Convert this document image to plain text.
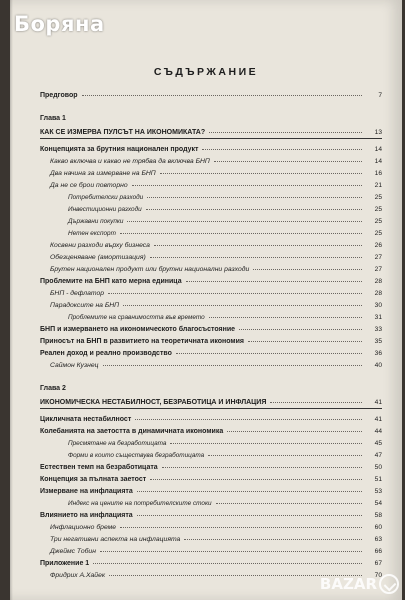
СЪДЪРЖАНИЕ
Предговор	7
Глава 1
КАК СЕ ИЗМЕРВА ПУЛСЪТ НА ИКОНОМИКАТА?	13
Концепцията за брутния национален продукт	14
Какво включва и какво не трябва да включва БНП	14
Два начина за измерване на БНП	16
Да не се брои повторно	21
Потребителски разходи	25
Инвестиционни разходи	25
Държавни покупки	25
Нетен експорт	25
Косвени разходи върху бизнеса	26
Обезценяване (амортизация)	27
Брутен национален продукт или брутни национални разходи	27
Проблемите на БНП като мерна единица	28
БНП - дефлатор	28
Парадоксите на БНП	30
Проблемите на сравнимостта във времето	31
БНП и измерването на икономическото благосъстояние	33
Приносът на БНП в развитието на теоретичната икономия	35
Реален доход и реално производство	36
Саймон Кузнец	40
Глава 2
ИКОНОМИЧЕСКА НЕСТАБИЛНОСТ, БЕЗРАБОТИЦА И ИНФЛАЦИЯ	41
Цикличната нестабилност	41
Колебанията на заетостта в динамичната икономика	44
Пресмятане на безработицата	45
Форми в които съществува безработицата	47
Естествен темп на безработицата	50
Концепция за пълната заетост	51
Измерване на инфлацията	53
Индекс на цените на потребителските стоки	54
Влиянието на инфлацията	58
Инфлационно бреме	60
Три негативни аспекта на инфлацията	63
Джеймс Тобин	66
Приложение 1	67
Фридрих А.Хайек	70
Боряна
BAZAR
